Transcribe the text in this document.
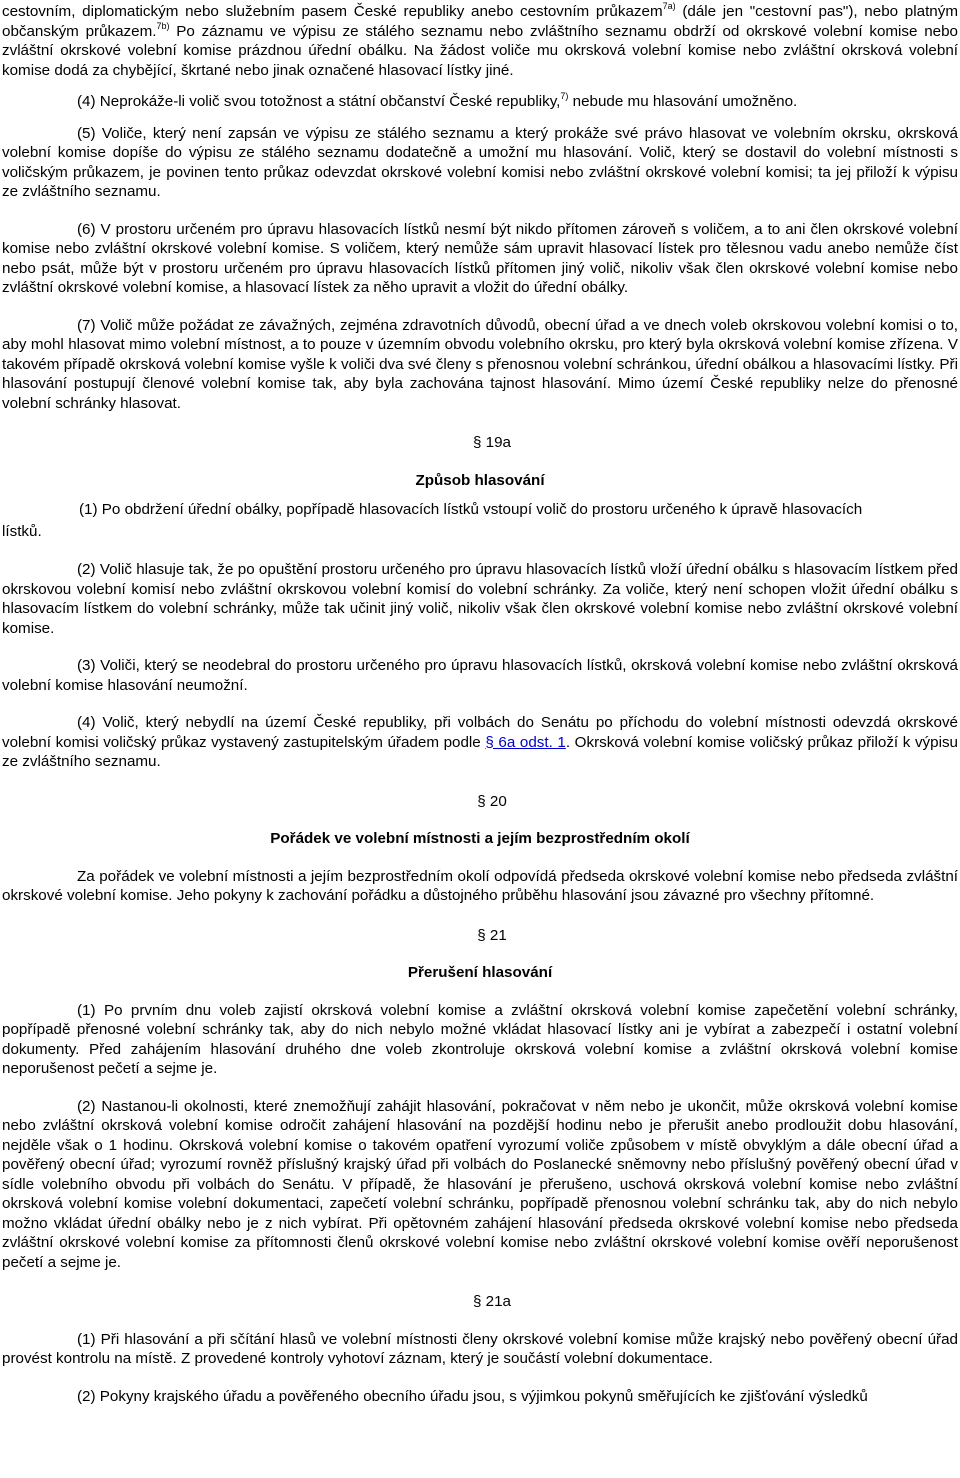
cestovním, diplomatickým nebo služebním pasem České republiky anebo cestovním průkazem$^{7a)}$ (dále jen "cestovní pas"), nebo platným občanským průkazem.$^{7b)}$ Po záznamu ve výpisu ze stálého seznamu nebo zvláštního seznamu obdrží od okrskové volební komise nebo zvláštní okrskové volební komise prázdnou úřední obálku. Na žádost voliče mu okrsková volební komise nebo zvláštní okrsková volební komise dodá za chybějící, škrtané nebo jinak označené hlasovací lístky jiné.

(4) Neprokáže-li volič svou totožnost a státní občanství České republiky,$^{7)}$ nebude mu hlasování umožněno.

(5) Voliče, který není zapsán ve výpisu ze stálého seznamu a který prokáže své právo hlasovat ve volebním okrsku, okrsková volební komise dopíše do výpisu ze stálého seznamu dodatečně a umožní mu hlasování. Volič, který se dostavil do volební místnosti s voličským průkazem, je povinen tento průkaz odevzdat okrskové volební komisi nebo zvláštní okrskové volební komisi; ta jej přiloží k výpisu ze zvláštního seznamu.

(6) V prostoru určeném pro úpravu hlasovacích lístků nesmí být nikdo přítomen zároveň s voličem, a to ani člen okrskové volební komise nebo zvláštní okrskové volební komise. S voličem, který nemůže sám upravit hlasovací lístek pro tělesnou vadu anebo nemůže číst nebo psát, může být v prostoru určeném pro úpravu hlasovacích lístků přítomen jiný volič, nikoliv však člen okrskové volební komise nebo zvláštní okrskové volební komise, a hlasovací lístek za něho upravit a vložit do úřední obálky.

(7) Volič může požádat ze závažných, zejména zdravotních důvodů, obecní úřad a ve dnech voleb okrskovou volební komisi o to, aby mohl hlasovat mimo volební místnost, a to pouze v územním obvodu volebního okrsku, pro který byla okrsková volební komise zřízena. V takovém případě okrsková volební komise vyšle k voliči dva své členy s přenosnou volební schránkou, úřední obálkou a hlasovacími lístky. Při hlasování postupují členové volební komise tak, aby byla zachována tajnost hlasování. Mimo území České republiky nelze do přenosné volební schránky hlasovat.

§ 19a
Způsob hlasování
(1) Po obdržení úřední obálky, popřípadě hlasovacích lístků vstoupí volič do prostoru určeného k úpravě hlasovacích
lístků.

(2) Volič hlasuje tak, že po opuštění prostoru určeného pro úpravu hlasovacích lístků vloží úřední obálku s hlasovacím lístkem před okrskovou volební komisí nebo zvláštní okrskovou volební komisí do volební schránky. Za voliče, který není schopen vložit úřední obálku s hlasovacím lístkem do volební schránky, může tak učinit jiný volič, nikoliv však člen okrskové volební komise nebo zvláštní okrskové volební komise.

(3) Voliči, který se neodebral do prostoru určeného pro úpravu hlasovacích lístků, okrsková volební komise nebo zvláštní okrsková volební komise hlasování neumožní.

(4) Volič, který nebydlí na území České republiky, při volbách do Senátu po příchodu do volební místnosti odevzdá okrskové volební komisi voličský průkaz vystavený zastupitelským úřadem podle § 6a odst. 1. Okrsková volební komise voličský průkaz přiloží k výpisu ze zvláštního seznamu.

§ 20
Pořádek ve volební místnosti a jejím bezprostředním okolí

Za pořádek ve volební místnosti a jejím bezprostředním okolí odpovídá předseda okrskové volební komise nebo předseda zvláštní okrskové volební komise. Jeho pokyny k zachování pořádku a důstojného průběhu hlasování jsou závazné pro všechny přítomné.

§ 21
Přerušení hlasování

(1) Po prvním dnu voleb zajistí okrsková volební komise a zvláštní okrsková volební komise zapečetění volební schránky, popřípadě přenosné volební schránky tak, aby do nich nebylo možné vkládat hlasovací lístky ani je vybírat a zabezpečí i ostatní volební dokumenty. Před zahájením hlasování druhého dne voleb zkontroluje okrsková volební komise a zvláštní okrsková volební komise neporušenost pečetí a sejme je.

(2) Nastanou-li okolnosti, které znemožňují zahájit hlasování, pokračovat v něm nebo je ukončit, může okrsková volební komise nebo zvláštní okrsková volební komise odročit zahájení hlasování na pozdější hodinu nebo je přerušit anebo prodloužit dobu hlasování, nejděle však o 1 hodinu. Okrsková volební komise o takovém opatření vyrozumí voliče způsobem v místě obvyklým a dále obecní úřad a pověřený obecní úřad; vyrozumí rovněž příslušný krajský úřad při volbách do Poslanecké sněmovny nebo příslušný pověřený obecní úřad v sídle volebního obvodu při volbách do Senátu. V případě, že hlasování je přerušeno, uschová okrsková volební komise nebo zvláštní okrsková volební komise volební dokumentaci, zapečetí volební schránku, popřípadě přenosnou volební schránku tak, aby do nich nebylo možno vkládat úřední obálky nebo je z nich vybírat. Při opětovném zahájení hlasování předseda okrskové volební komise nebo předseda zvláštní okrskové volební komise za přítomnosti členů okrskové volební komise nebo zvláštní okrskové volební komise ověří neporušenost pečetí a sejme je.

§ 21a

(1) Při hlasování a při sčítání hlasů ve volební místnosti členy okrskové volební komise může krajský nebo pověřený obecní úřad provést kontrolu na místě. Z provedené kontroly vyhotoví záznam, který je součástí volební dokumentace.

(2) Pokyny krajského úřadu a pověřeného obecního úřadu jsou, s výjimkou pokynů směřujících ke zjišťování výsledků
